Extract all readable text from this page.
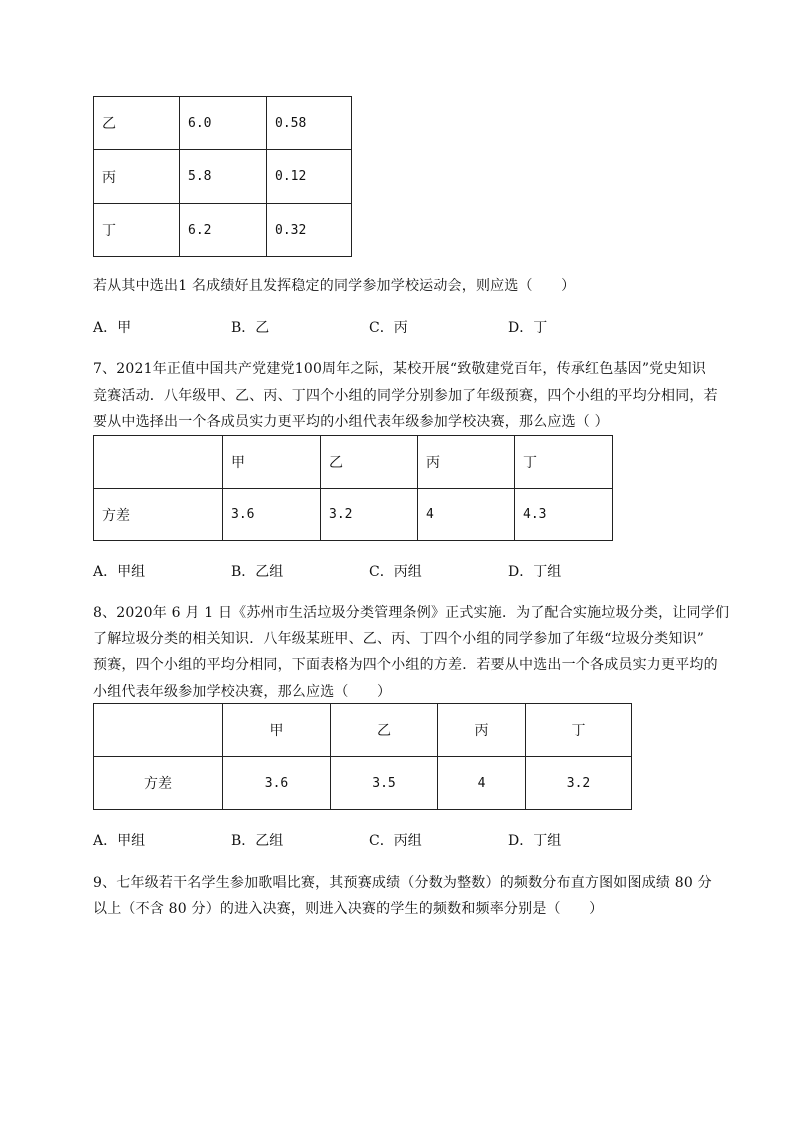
乙	6.0	0.58
丙	5.8	0.12
丁	6.2	0.32
若从其中选出1 名成绩好且发挥稳定的同学参加学校运动会，则应选（　　）
A．甲	B．乙	C．丙	D．丁
7、2021年正值中国共产党建党100周年之际，某校开展“致敬建党百年，传承红色基因”党史知识
竞赛活动．八年级甲、乙、丙、丁四个小组的同学分别参加了年级预赛，四个小组的平均分相同，若
要从中选择出一个各成员实力更平均的小组代表年级参加学校决赛，那么应选（ ）
	甲	乙	丙	丁
方差	3.6	3.2	4	4.3
A．甲组	B．乙组	C．丙组	D．丁组
8、2020年 6 月 1 日《苏州市生活垃圾分类管理条例》正式实施．为了配合实施垃圾分类，让同学们
了解垃圾分类的相关知识．八年级某班甲、乙、丙、丁四个小组的同学参加了年级“垃圾分类知识”
预赛，四个小组的平均分相同，下面表格为四个小组的方差．若要从中选出一个各成员实力更平均的
小组代表年级参加学校决赛，那么应选（　　）
	甲	乙	丙	丁
方差	3.6	3.5	4	3.2
A．甲组	B．乙组	C．丙组	D．丁组
9、七年级若干名学生参加歌唱比赛，其预赛成绩（分数为整数）的频数分布直方图如图成绩 80 分
以上（不含 80 分）的进入决赛，则进入决赛的学生的频数和频率分别是（　　）
